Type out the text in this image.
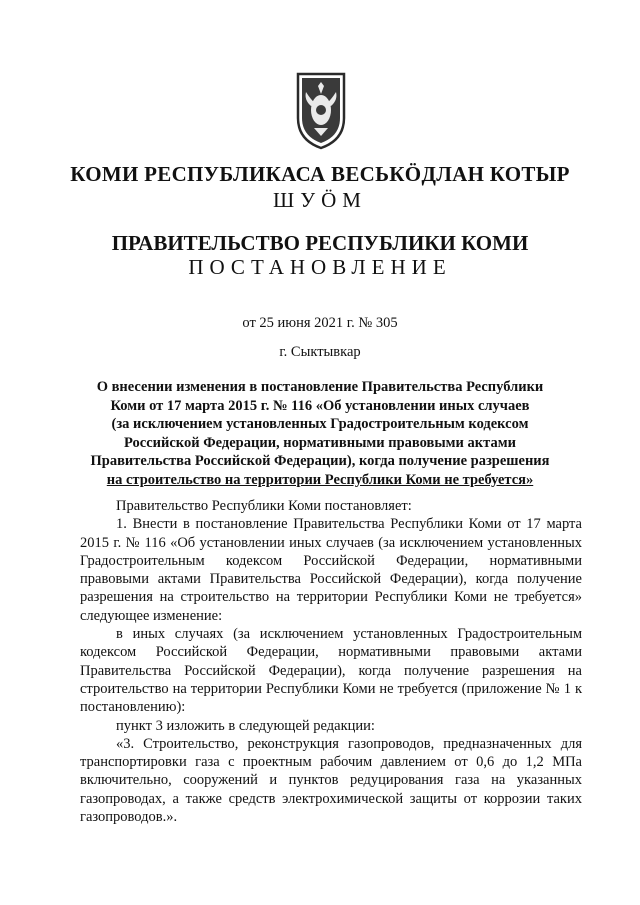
КОМИ РЕСПУБЛИКАСА ВЕСЬКÖДЛАН КОТЫР
ШУÖМ
ПРАВИТЕЛЬСТВО РЕСПУБЛИКИ КОМИ
ПОСТАНОВЛЕНИЕ
от 25 июня 2021 г. № 305
г. Сыктывкар
О внесении изменения в постановление Правительства Республики
Коми от 17 марта 2015 г. № 116 «Об установлении иных случаев
(за исключением установленных Градостроительным кодексом
Российской Федерации, нормативными правовыми актами
Правительства Российской Федерации), когда получение разрешения
на строительство на территории Республики Коми не требуется»

Правительство Республики Коми постановляет:

1. Внести в постановление Правительства Республики Коми от 17 марта 2015 г. № 116 «Об установлении иных случаев (за исключением установленных Градостроительным кодексом Российской Федерации, нормативными правовыми актами Правительства Российской Федерации), когда получение разрешения на строительство на территории Республики Коми не требуется» следующее изменение:

в иных случаях (за исключением установленных Градостроительным кодексом Российской Федерации, нормативными правовыми актами Правительства Российской Федерации), когда получение разрешения на строительство на территории Республики Коми не требуется (приложение № 1 к постановлению):

пункт 3 изложить в следующей редакции:

«3. Строительство, реконструкция газопроводов, предназначенных для транспортировки газа с проектным рабочим давлением от 0,6 до 1,2 МПа включительно, сооружений и пунктов редуцирования газа на указанных газопроводах, а также средств электрохимической защиты от коррозии таких газопроводов.».
